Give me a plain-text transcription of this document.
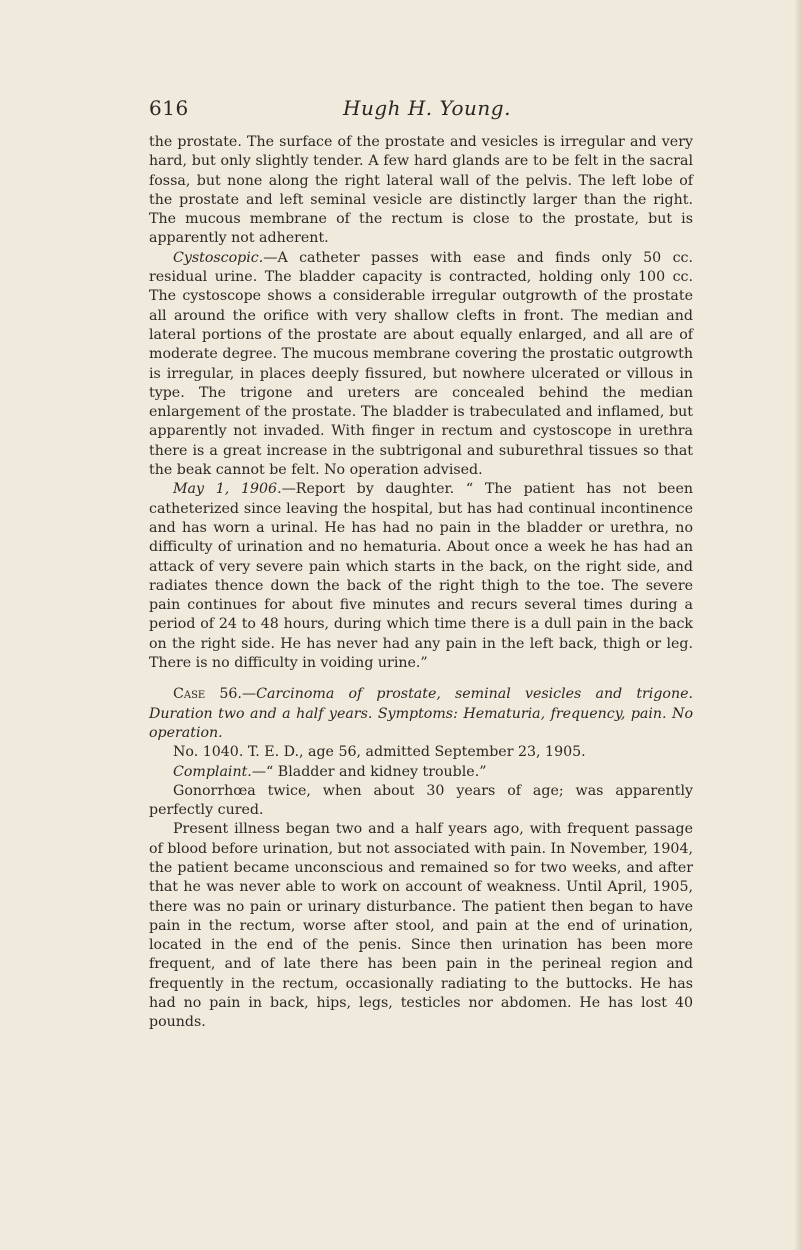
616	Hugh H. Young.

the prostate. The surface of the prostate and vesicles is irregular and very hard, but only slightly tender. A few hard glands are to be felt in the sacral fossa, but none along the right lateral wall of the pelvis. The left lobe of the prostate and left seminal vesicle are distinctly larger than the right. The mucous membrane of the rectum is close to the prostate, but is apparently not adherent.

Cystoscopic.—A catheter passes with ease and finds only 50 cc. residual urine. The bladder capacity is contracted, holding only 100 cc. The cystoscope shows a considerable irregular outgrowth of the prostate all around the orifice with very shallow clefts in front. The median and lateral portions of the prostate are about equally enlarged, and all are of moderate degree. The mucous membrane covering the prostatic outgrowth is irregular, in places deeply fissured, but nowhere ulcerated or villous in type. The trigone and ureters are concealed behind the median enlargement of the prostate. The bladder is trabeculated and inflamed, but apparently not invaded. With finger in rectum and cystoscope in urethra there is a great increase in the subtrigonal and suburethral tissues so that the beak cannot be felt. No operation advised.

May 1, 1906.—Report by daughter. “ The patient has not been catheterized since leaving the hospital, but has had continual incontinence and has worn a urinal. He has had no pain in the bladder or urethra, no difficulty of urination and no hematuria. About once a week he has had an attack of very severe pain which starts in the back, on the right side, and radiates thence down the back of the right thigh to the toe. The severe pain continues for about five minutes and recurs several times during a period of 24 to 48 hours, during which time there is a dull pain in the back on the right side. He has never had any pain in the left back, thigh or leg. There is no difficulty in voiding urine.”

Case 56.—Carcinoma of prostate, seminal vesicles and trigone. Duration two and a half years. Symptoms: Hematuria, frequency, pain. No operation.

No. 1040. T. E. D., age 56, admitted September 23, 1905.

Complaint.—“ Bladder and kidney trouble.”

Gonorrhœa twice, when about 30 years of age; was apparently perfectly cured.

Present illness began two and a half years ago, with frequent passage of blood before urination, but not associated with pain. In November, 1904, the patient became unconscious and remained so for two weeks, and after that he was never able to work on account of weakness. Until April, 1905, there was no pain or urinary disturbance. The patient then began to have pain in the rectum, worse after stool, and pain at the end of urination, located in the end of the penis. Since then urination has been more frequent, and of late there has been pain in the perineal region and frequently in the rectum, occasionally radiating to the buttocks. He has had no pain in back, hips, legs, testicles nor abdomen. He has lost 40 pounds.
